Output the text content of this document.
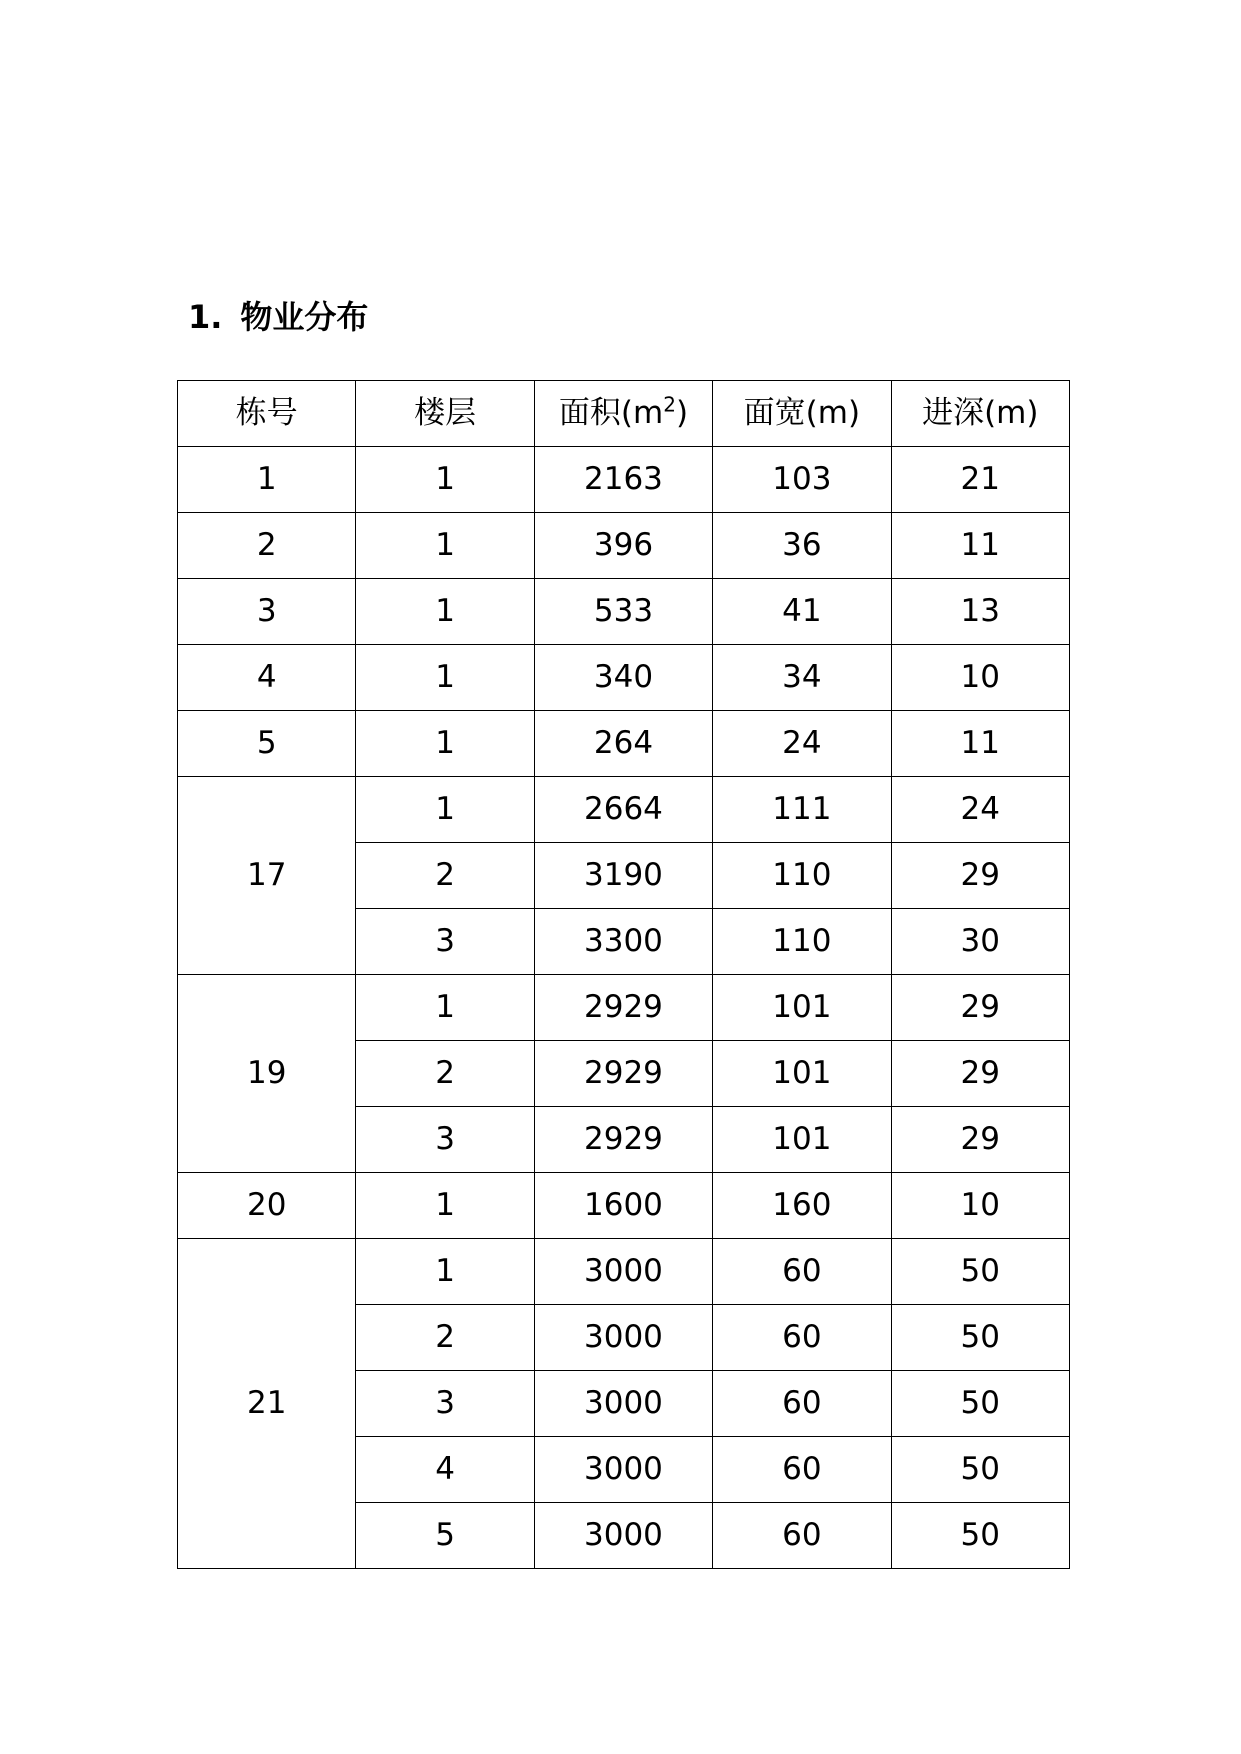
1. 物业分布
栋号	楼层	面积$(m^2)$	面宽(m)	进深(m)
1	1	2163	103	21
2	1	396	36	11
3	1	533	41	13
4	1	340	34	10
5	1	264	24	11
17	1	2664	111	24
	2	3190	110	29
	3	3300	110	30
19	1	2929	101	29
	2	2929	101	29
	3	2929	101	29
20	1	1600	160	10
21	1	3000	60	50
	2	3000	60	50
	3	3000	60	50
	4	3000	60	50
	5	3000	60	50
